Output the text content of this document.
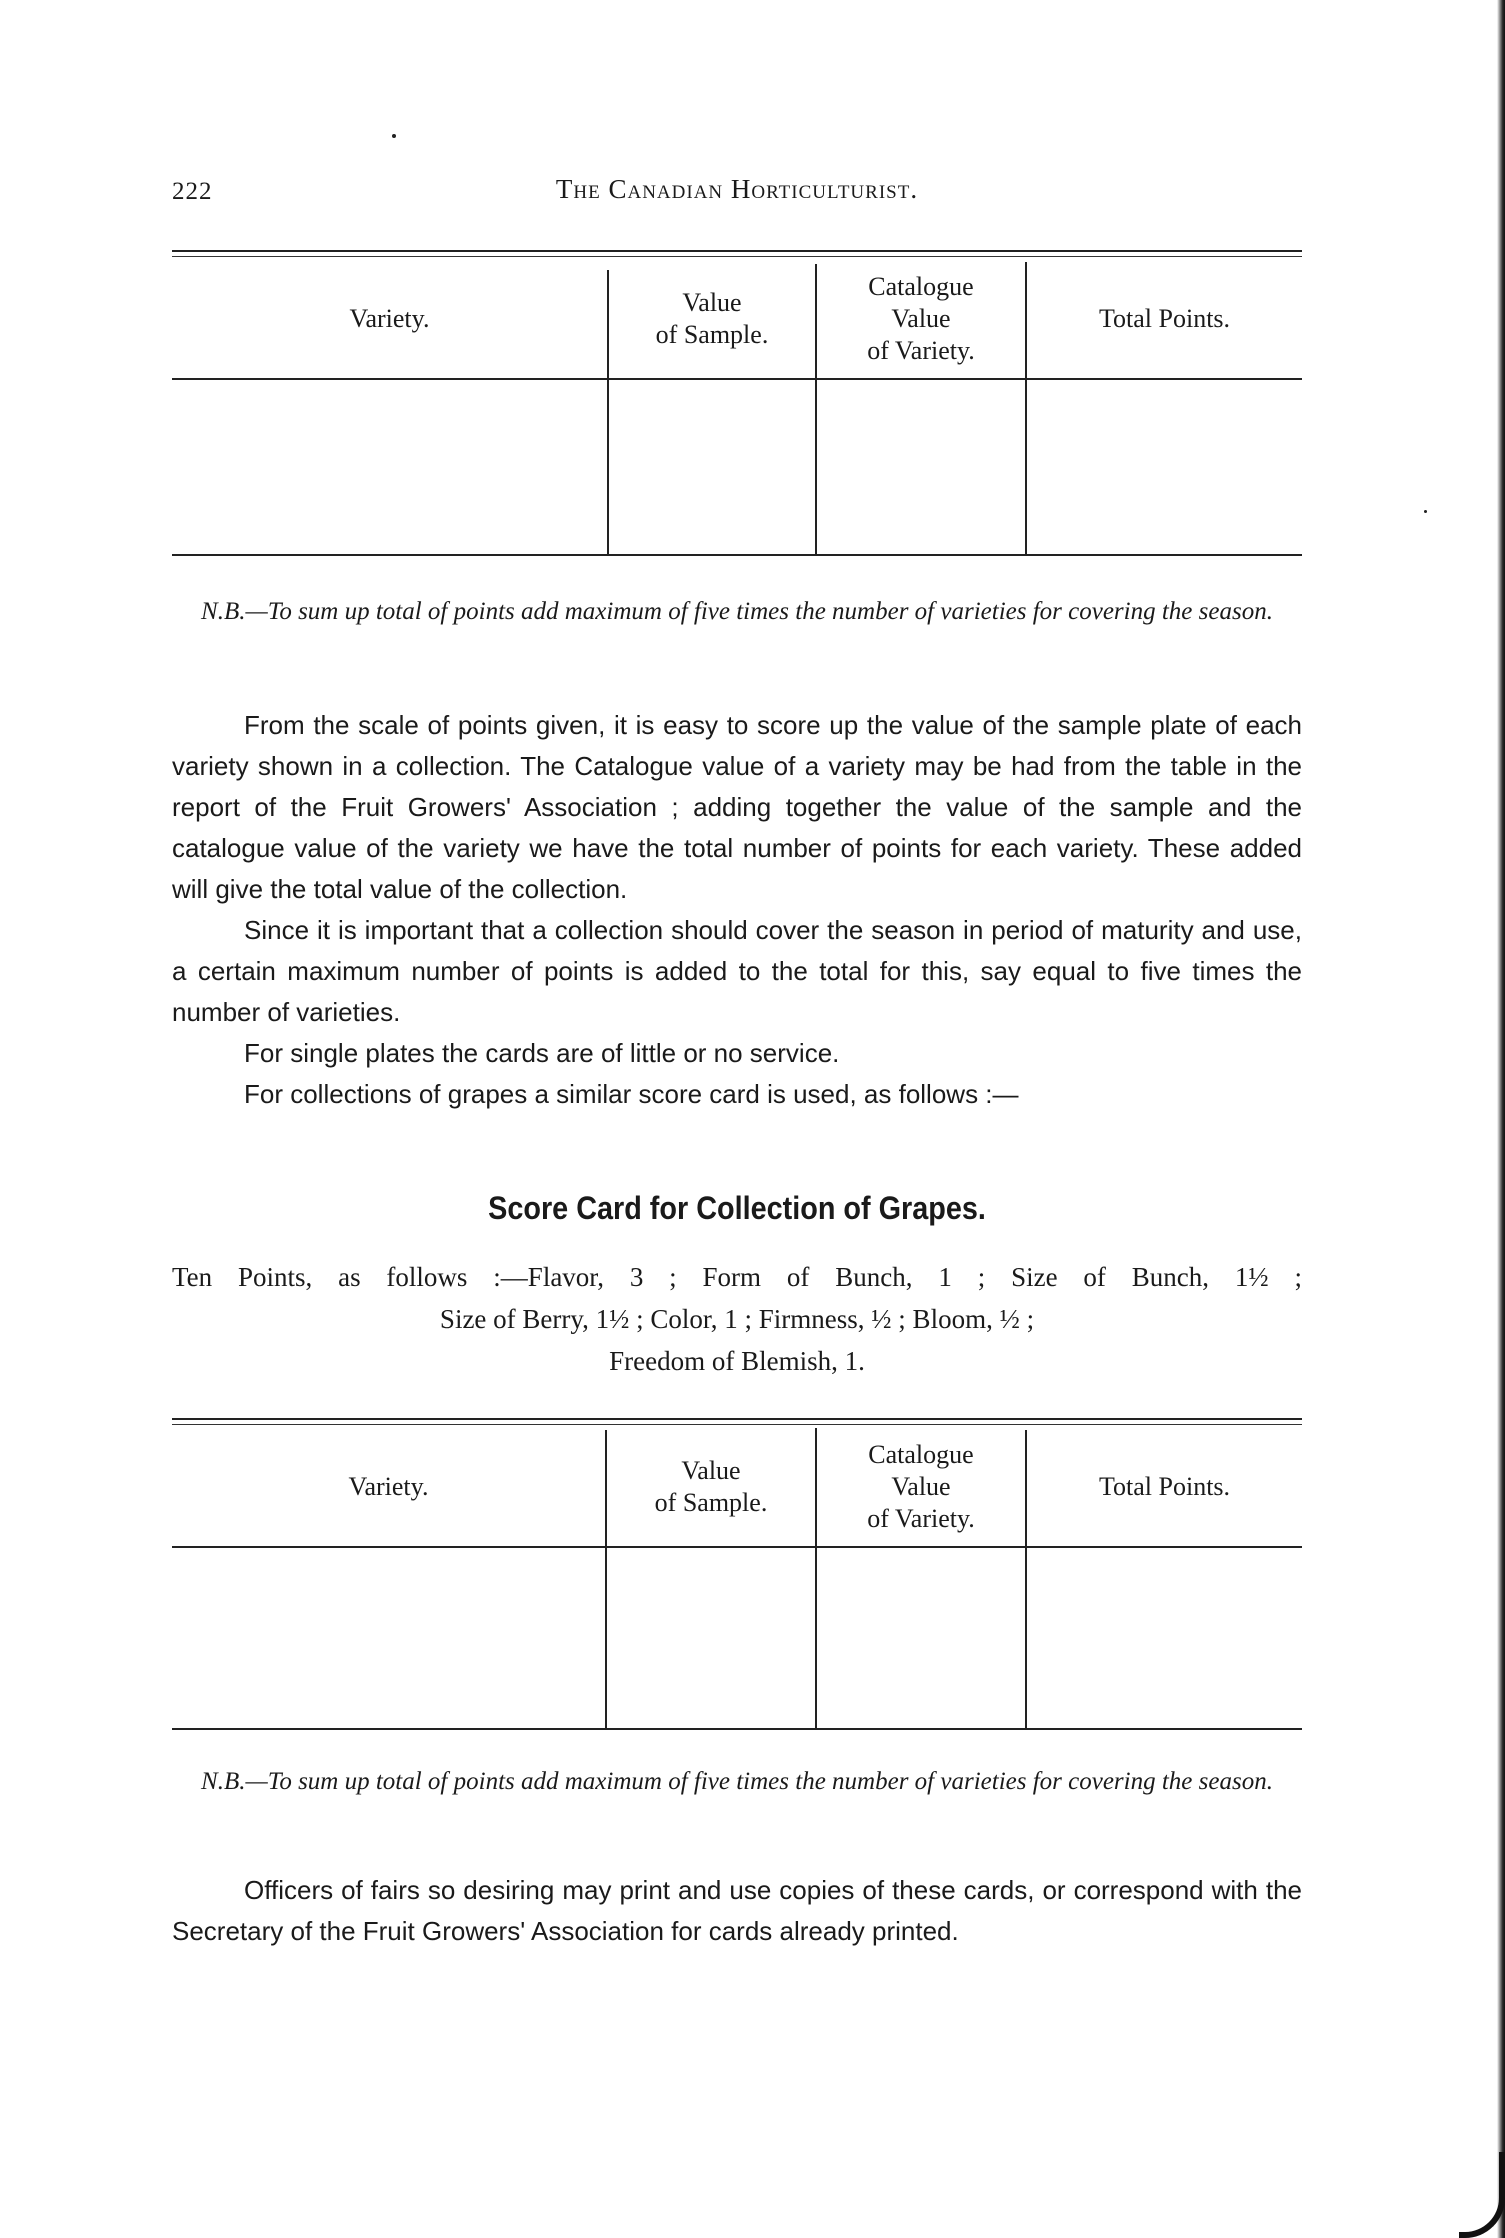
222	The Canadian Horticulturist.
Variety.
Value
of Sample.
Catalogue
Value
of Variety.
Total Points.
N.B.—To sum up total of points add maximum of five times the number of varieties for covering the season.

From the scale of points given, it is easy to score up the value of the sample plate of each variety shown in a collection. The Catalogue value of a variety may be had from the table in the report of the Fruit Growers' Association ; adding together the value of the sample and the catalogue value of the variety we have the total number of points for each variety. These added will give the total value of the collection.

Since it is important that a collection should cover the season in period of maturity and use, a certain maximum number of points is added to the total for this, say equal to five times the number of varieties.

For single plates the cards are of little or no service.

For collections of grapes a similar score card is used, as follows :—

Score Card for Collection of Grapes.
Ten Points, as follows :—Flavor, 3 ; Form of Bunch, 1 ; Size of Bunch, 1½ ;
Size of Berry, 1½ ; Color, 1 ; Firmness, ½ ; Bloom, ½ ;
Freedom of Blemish, 1.
Variety.
Value
of Sample.
Catalogue
Value
of Variety.
Total Points.
N.B.—To sum up total of points add maximum of five times the number of varieties for covering the season.

Officers of fairs so desiring may print and use copies of these cards, or correspond with the Secretary of the Fruit Growers' Association for cards already printed.
